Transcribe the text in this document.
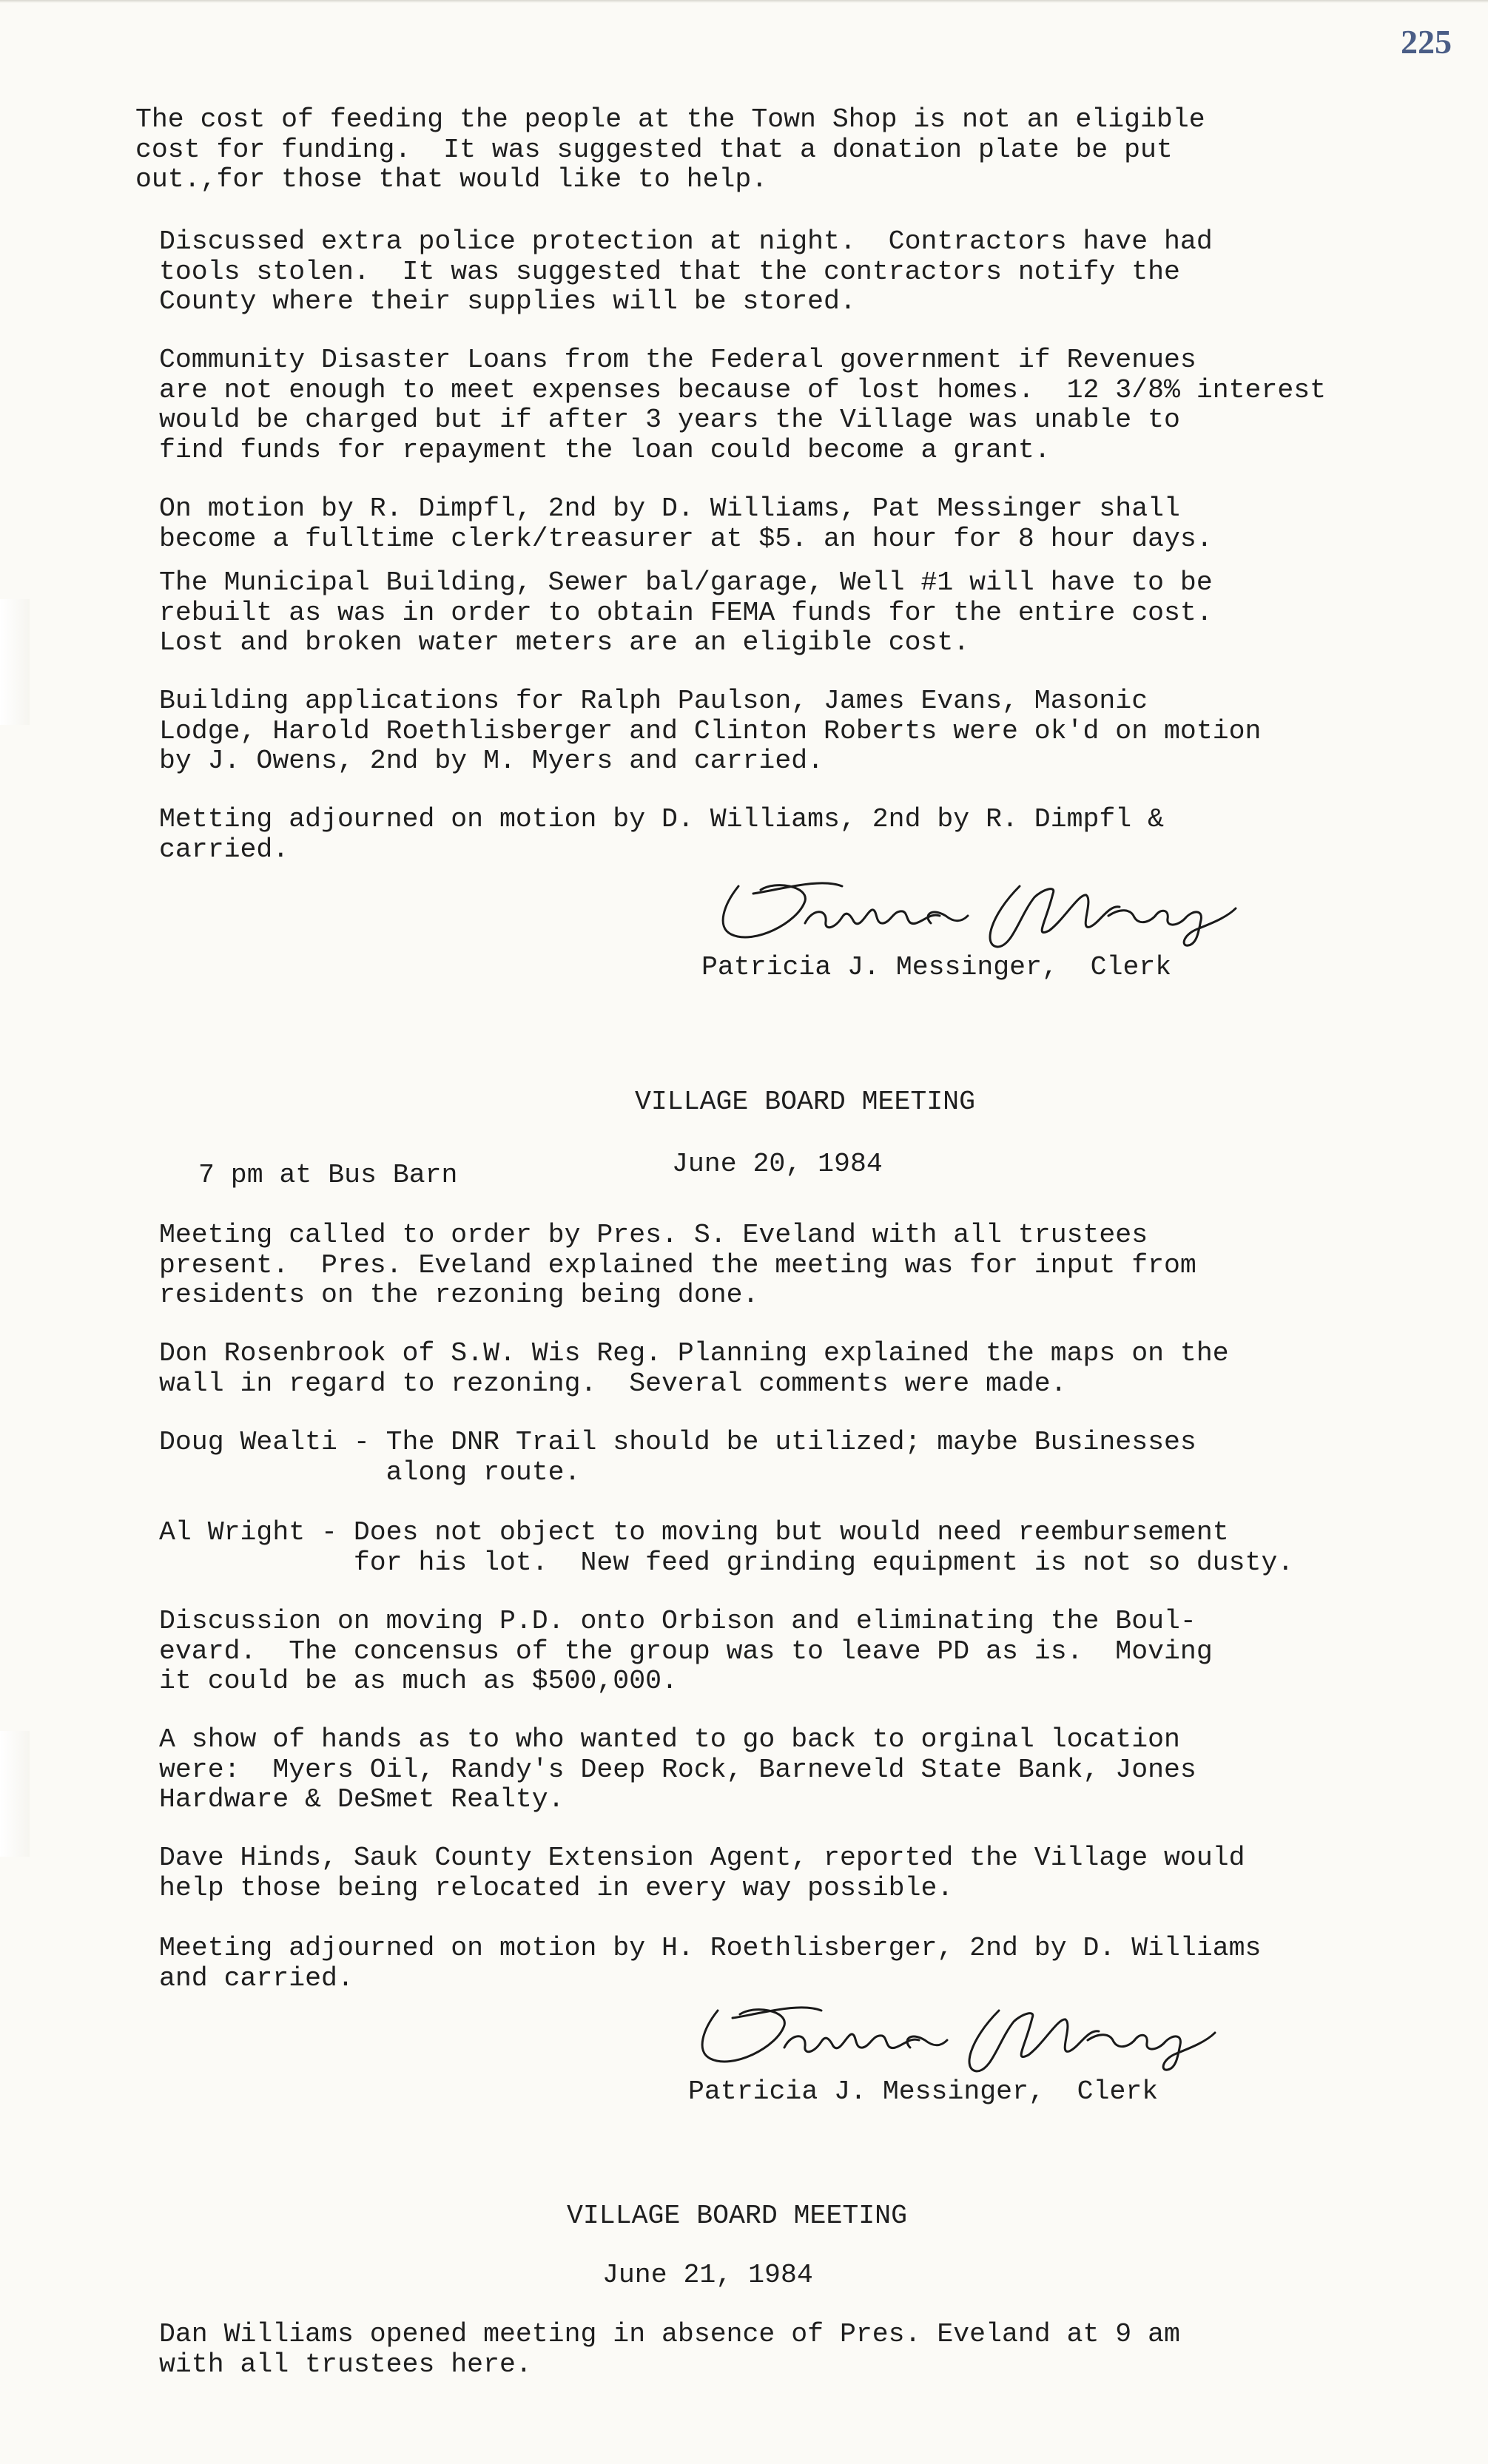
225

The cost of feeding the people at the Town Shop is not an eligible
cost for funding.  It was suggested that a donation plate be put
out.,for those that would like to help.

Discussed extra police protection at night.  Contractors have had
tools stolen.  It was suggested that the contractors notify the
County where their supplies will be stored.

Community Disaster Loans from the Federal government if Revenues
are not enough to meet expenses because of lost homes.  12 3/8% interest
would be charged but if after 3 years the Village was unable to
find funds for repayment the loan could become a grant.

On motion by R. Dimpfl, 2nd by D. Williams, Pat Messinger shall
become a fulltime clerk/treasurer at $5. an hour for 8 hour days.

The Municipal Building, Sewer bal/garage, Well #1 will have to be
rebuilt as was in order to obtain FEMA funds for the entire cost.
Lost and broken water meters are an eligible cost.

Building applications for Ralph Paulson, James Evans, Masonic
Lodge, Harold Roethlisberger and Clinton Roberts were ok'd on motion
by J. Owens, 2nd by M. Myers and carried.

Metting adjourned on motion by D. Williams, 2nd by R. Dimpfl &
carried.

Patricia J. Messinger,  Clerk

VILLAGE BOARD MEETING

7 pm at Bus Barn	June 20, 1984

Meeting called to order by Pres. S. Eveland with all trustees
present.  Pres. Eveland explained the meeting was for input from
residents on the rezoning being done.

Don Rosenbrook of S.W. Wis Reg. Planning explained the maps on the
wall in regard to rezoning.  Several comments were made.

Doug Wealti - The DNR Trail should be utilized; maybe Businesses
along route.

Al Wright - Does not object to moving but would need reembursement
for his lot.  New feed grinding equipment is not so dusty.

Discussion on moving P.D. onto Orbison and eliminating the Boul-
evard.  The concensus of the group was to leave PD as is.  Moving
it could be as much as $500,000.

A show of hands as to who wanted to go back to orginal location
were:  Myers Oil, Randy's Deep Rock, Barneveld State Bank, Jones
Hardware & DeSmet Realty.

Dave Hinds, Sauk County Extension Agent, reported the Village would
help those being relocated in every way possible.

Meeting adjourned on motion by H. Roethlisberger, 2nd by D. Williams
and carried.

Patricia J. Messinger,  Clerk

VILLAGE BOARD MEETING

June 21, 1984

Dan Williams opened meeting in absence of Pres. Eveland at 9 am
with all trustees here.
